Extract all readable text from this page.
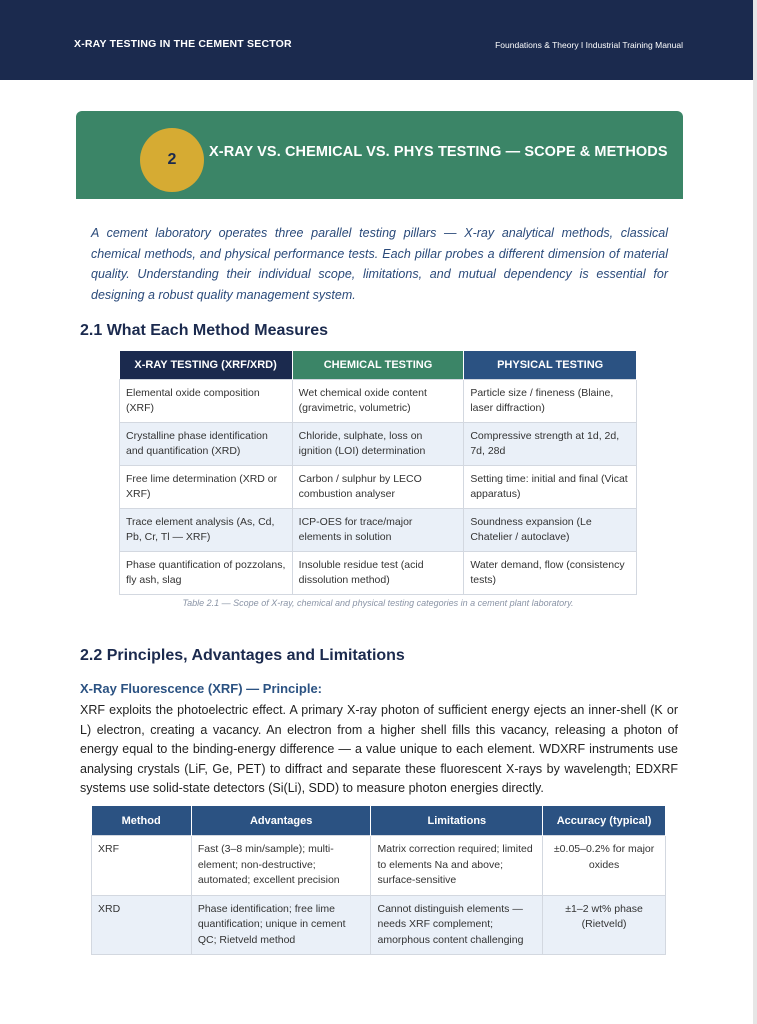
X-RAY TESTING IN THE CEMENT SECTOR	Foundations & Theory I Industrial Training Manual
2	X-RAY VS. CHEMICAL VS. PHYS TESTING — SCOPE & METHODS
A cement laboratory operates three parallel testing pillars — X-ray analytical methods, classical chemical methods, and physical performance tests. Each pillar probes a different dimension of material quality. Understanding their individual scope, limitations, and mutual dependency is essential for designing a robust quality management system.
2.1 What Each Method Measures
X-RAY TESTING (XRF/XRD)	CHEMICAL TESTING	PHYSICAL TESTING
Elemental oxide composition (XRF)	Wet chemical oxide content (gravimetric, volumetric)	Particle size / fineness (Blaine, laser diffraction)
Crystalline phase identification and quantification (XRD)	Chloride, sulphate, loss on ignition (LOI) determination	Compressive strength at 1d, 2d, 7d, 28d
Free lime determination (XRD or XRF)	Carbon / sulphur by LECO combustion analyser	Setting time: initial and final (Vicat apparatus)
Trace element analysis (As, Cd, Pb, Cr, Tl — XRF)	ICP-OES for trace/major elements in solution	Soundness expansion (Le Chatelier / autoclave)
Phase quantification of pozzolans, fly ash, slag	Insoluble residue test (acid dissolution method)	Water demand, flow (consistency tests)
Table 2.1 — Scope of X-ray, chemical and physical testing categories in a cement plant laboratory.
2.2 Principles, Advantages and Limitations
X-Ray Fluorescence (XRF) — Principle:
XRF exploits the photoelectric effect. A primary X-ray photon of sufficient energy ejects an inner-shell (K or L) electron, creating a vacancy. An electron from a higher shell fills this vacancy, releasing a photon of energy equal to the binding-energy difference — a value unique to each element. WDXRF instruments use analysing crystals (LiF, Ge, PET) to diffract and separate these fluorescent X-rays by wavelength; EDXRF systems use solid-state detectors (Si(Li), SDD) to measure photon energies directly.
Method	Advantages	Limitations	Accuracy (typical)
XRF	Fast (3–8 min/sample); multi-element; non-destructive; automated; excellent precision	Matrix correction required; limited to elements Na and above; surface-sensitive	±0.05–0.2% for major oxides
XRD	Phase identification; free lime quantification; unique in cement QC; Rietveld method	Cannot distinguish elements — needs XRF complement; amorphous content challenging	±1–2 wt% phase (Rietveld)
